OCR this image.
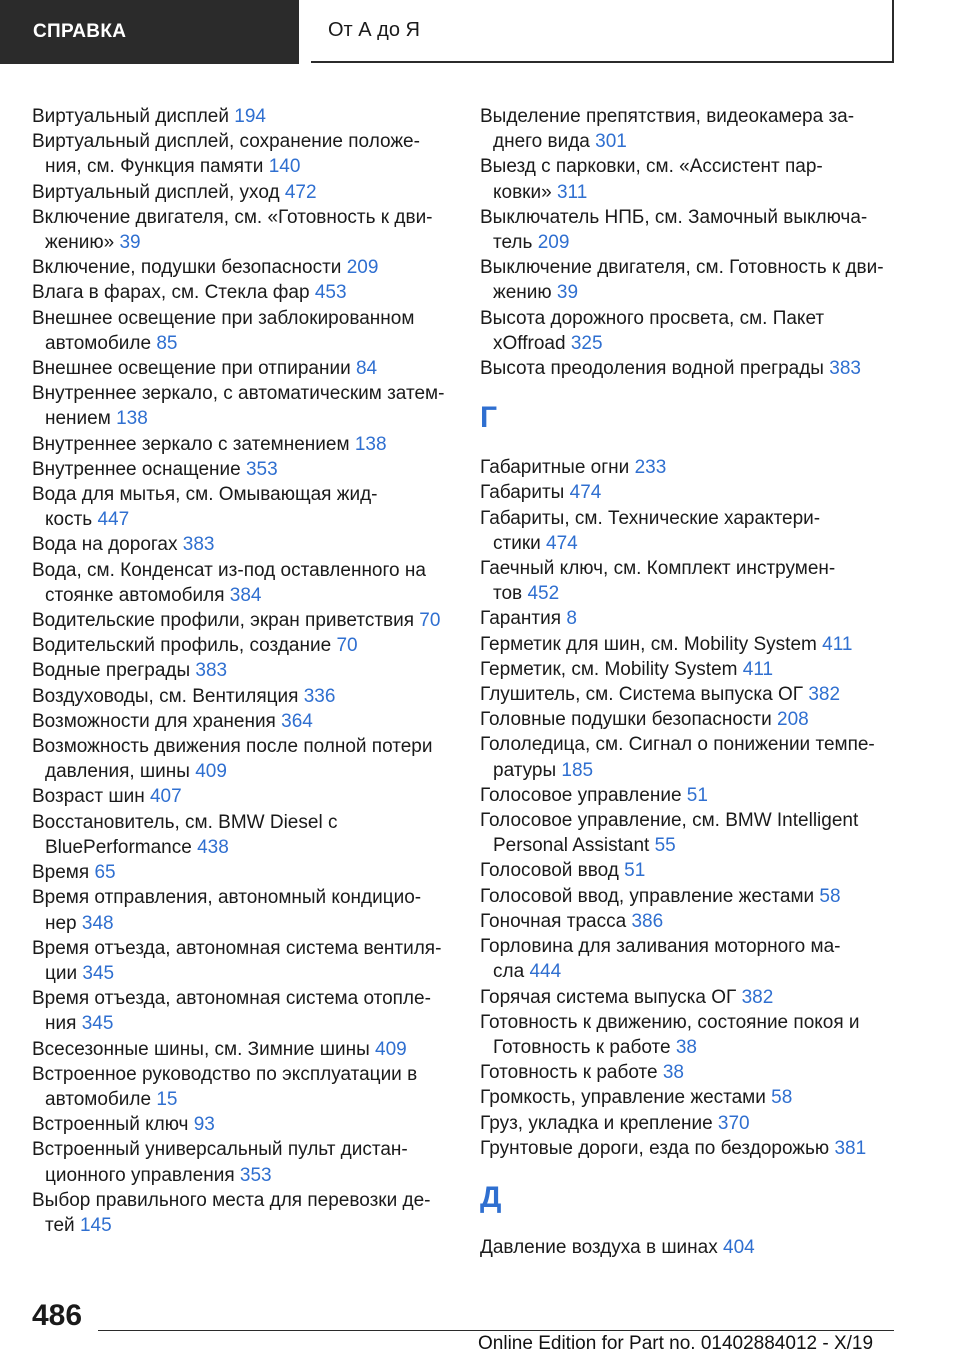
СПРАВКА	От А до Я
Виртуальный дисплей 194
Виртуальный дисплей, сохранение положе-
ния, см. Функция памяти 140
Виртуальный дисплей, уход 472
Включение двигателя, см. «Готовность к дви-
жению» 39
Включение, подушки безопасности 209
Влага в фарах, см. Стекла фар 453
Внешнее освещение при заблокированном
автомобиле 85
Внешнее освещение при отпирании 84
Внутреннее зеркало, с автоматическим затем-
нением 138
Внутреннее зеркало с затемнением 138
Внутреннее оснащение 353
Вода для мытья, см. Омывающая жид-
кость 447
Вода на дорогах 383
Вода, см. Конденсат из-под оставленного на
стоянке автомобиля 384
Водительские профили, экран приветствия 70
Водительский профиль, создание 70
Водные преграды 383
Воздуховоды, см. Вентиляция 336
Возможности для хранения 364
Возможность движения после полной потери
давления, шины 409
Возраст шин 407
Восстановитель, см. BMW Diesel с
BluePerformance 438
Время 65
Время отправления, автономный кондицио-
нер 348
Время отъезда, автономная система вентиля-
ции 345
Время отъезда, автономная система отопле-
ния 345
Всесезонные шины, см. Зимние шины 409
Встроенное руководство по эксплуатации в
автомобиле 15
Встроенный ключ 93
Встроенный универсальный пульт дистан-
ционного управления 353
Выбор правильного места для перевозки де-
тей 145
Выделение препятствия, видеокамера за-
днего вида 301
Выезд с парковки, см. «Ассистент пар-
ковки» 311
Выключатель НПБ, см. Замочный выключа-
тель 209
Выключение двигателя, см. Готовность к дви-
жению 39
Высота дорожного просвета, см. Пакет
xOffroad 325
Высота преодоления водной преграды 383
Г
Габаритные огни 233
Габариты 474
Габариты, см. Технические характери-
стики 474
Гаечный ключ, см. Комплект инструмен-
тов 452
Гарантия 8
Герметик для шин, см. Mobility System 411
Герметик, см. Mobility System 411
Глушитель, см. Система выпуска ОГ 382
Головные подушки безопасности 208
Гололедица, см. Сигнал о понижении темпе-
ратуры 185
Голосовое управление 51
Голосовое управление, см. BMW Intelligent
Personal Assistant 55
Голосовой ввод 51
Голосовой ввод, управление жестами 58
Гоночная трасса 386
Горловина для заливания моторного ма-
сла 444
Горячая система выпуска ОГ 382
Готовность к движению, состояние покоя и
Готовность к работе 38
Готовность к работе 38
Громкость, управление жестами 58
Груз, укладка и крепление 370
Грунтовые дороги, езда по бездорожью 381
Д
Давление воздуха в шинах 404
486
Online Edition for Part no. 01402884012 - X/19
